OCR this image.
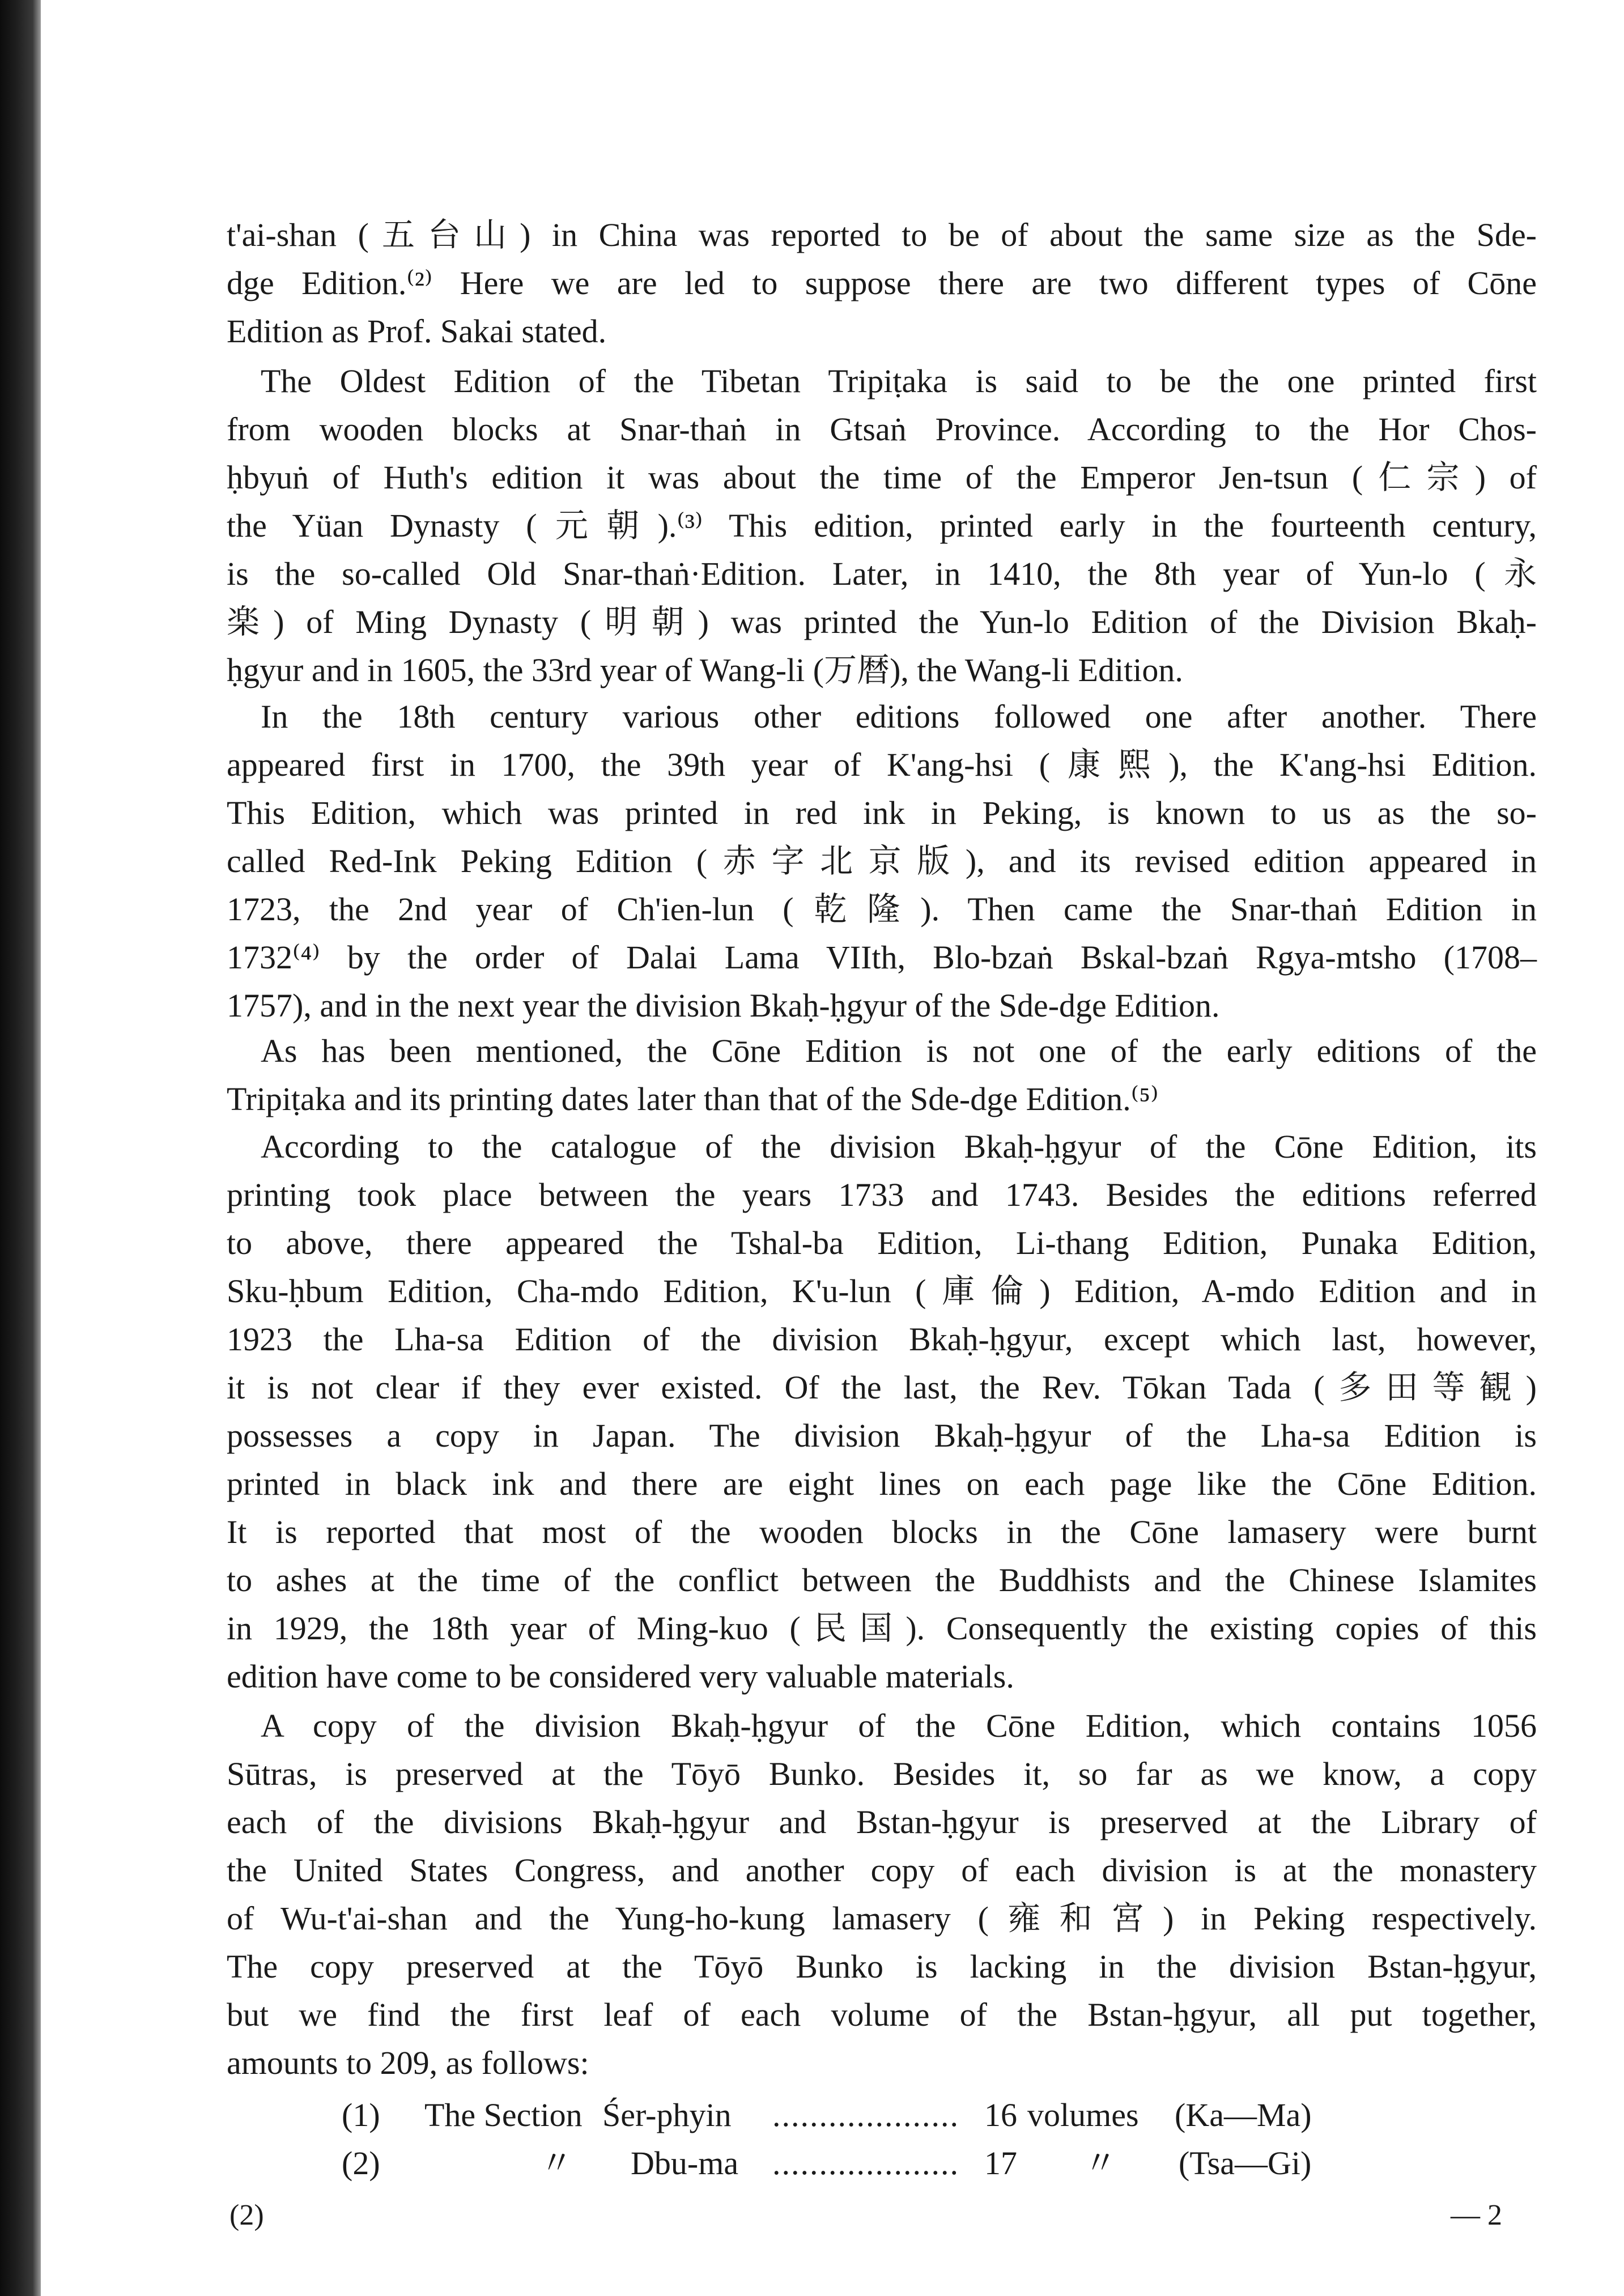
t'ai-shan (五台山) in China was reported to be of about the same size as the Sde-
dge Edition.⁽²⁾ Here we are led to suppose there are two different types of Cōne
Edition as Prof. Sakai stated.
The Oldest Edition of the Tibetan Tripiṭaka is said to be the one printed first
from wooden blocks at Snar-thaṅ in Gtsaṅ Province. According to the Hor Chos-
ḥbyuṅ of Huth's edition it was about the time of the Emperor Jen-tsun (仁宗) of
the Yüan Dynasty (元朝).⁽³⁾ This edition, printed early in the fourteenth century,
is the so-called Old Snar-thaṅ·Edition. Later, in 1410, the 8th year of Yun-lo (永
楽) of Ming Dynasty (明朝) was printed the Yun-lo Edition of the Division Bkaḥ-
ḥgyur and in 1605, the 33rd year of Wang-li (万暦), the Wang-li Edition.
In the 18th century various other editions followed one after another. There
appeared first in 1700, the 39th year of K'ang-hsi (康熙), the K'ang-hsi Edition.
This Edition, which was printed in red ink in Peking, is known to us as the so-
called Red-Ink Peking Edition (赤字北京版), and its revised edition appeared in
1723, the 2nd year of Ch'ien-lun (乾隆). Then came the Snar-thaṅ Edition in
1732⁽⁴⁾ by the order of Dalai Lama VIIth, Blo-bzaṅ Bskal-bzaṅ Rgya-mtsho (1708–
1757), and in the next year the division Bkaḥ-ḥgyur of the Sde-dge Edition.
As has been mentioned, the Cōne Edition is not one of the early editions of the
Tripiṭaka and its printing dates later than that of the Sde-dge Edition.⁽⁵⁾
According to the catalogue of the division Bkaḥ-ḥgyur of the Cōne Edition, its
printing took place between the years 1733 and 1743. Besides the editions referred
to above, there appeared the Tshal-ba Edition, Li-thang Edition, Punaka Edition,
Sku-ḥbum Edition, Cha-mdo Edition, K'u-lun (庫倫) Edition, A-mdo Edition and in
1923 the Lha-sa Edition of the division Bkaḥ-ḥgyur, except which last, however,
it is not clear if they ever existed. Of the last, the Rev. Tōkan Tada (多田等観)
possesses a copy in Japan. The division Bkaḥ-ḥgyur of the Lha-sa Edition is
printed in black ink and there are eight lines on each page like the Cōne Edition.
It is reported that most of the wooden blocks in the Cōne lamasery were burnt
to ashes at the time of the conflict between the Buddhists and the Chinese Islamites
in 1929, the 18th year of Ming-kuo (民国). Consequently the existing copies of this
edition have come to be considered very valuable materials.
A copy of the division Bkaḥ-ḥgyur of the Cōne Edition, which contains 1056
Sūtras, is preserved at the Tōyō Bunko. Besides it, so far as we know, a copy
each of the divisions Bkaḥ-ḥgyur and Bstan-ḥgyur is preserved at the Library of
the United States Congress, and another copy of each division is at the monastery
of Wu-t'ai-shan and the Yung-ho-kung lamasery (雍和宮) in Peking respectively.
The copy preserved at the Tōyō Bunko is lacking in the division Bstan-ḥgyur,
but we find the first leaf of each volume of the Bstan-ḥgyur, all put together,
amounts to 209, as follows:
(1) The Section Śer-phyin .................... 16 volumes (Ka—Ma)
(2)	〃 Dbu-ma .................... 17 〃 (Tsa—Gi)
(2)	— 2
